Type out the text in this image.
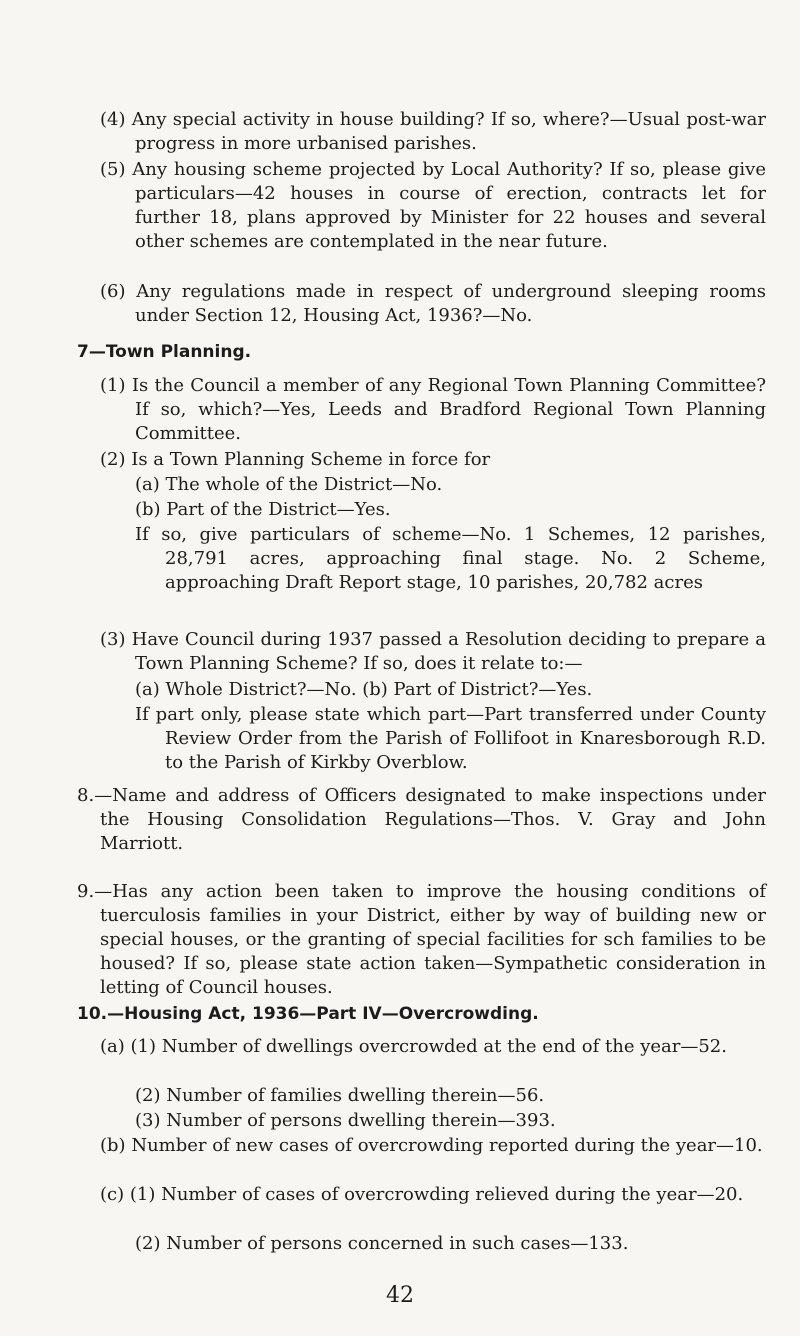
(4) Any special activity in house building? If so, where?—Usual post-war progress in more urbanised parishes.

(5) Any housing scheme projected by Local Authority? If so, please give particulars—42 houses in course of erection, contracts let for further 18, plans approved by Minister for 22 houses and several other schemes are contemplated in the near future.

(6) Any regulations made in respect of underground sleeping rooms under Section 12, Housing Act, 1936?—No.

7—Town Planning.

(1) Is the Council a member of any Regional Town Planning Committee? If so, which?—Yes, Leeds and Bradford Regional Town Planning Committee.

(2) Is a Town Planning Scheme in force for

(a) The whole of the District—No.
(b) Part of the District—Yes.

If so, give particulars of scheme—No. 1 Schemes, 12 parishes, 28,791 acres, approaching final stage. No. 2 Scheme, approaching Draft Report stage, 10 parishes, 20,782 acres

(3) Have Council during 1937 passed a Resolution deciding to prepare a Town Planning Scheme? If so, does it relate to:—

(a) Whole District?—No. (b) Part of District?—Yes.

If part only, please state which part—Part transferred under County Review Order from the Parish of Follifoot in Knaresborough R.D. to the Parish of Kirkby Overblow.

8.—Name and address of Officers designated to make inspections under the Housing Consolidation Regulations—Thos. V. Gray and John Marriott.

9.—Has any action been taken to improve the housing conditions of tuerculosis families in your District, either by way of building new or special houses, or the granting of special facilities for sch families to be housed? If so, please state action taken—Sympathetic consideration in letting of Council houses.

10.—Housing Act, 1936—Part IV—Overcrowding.

(a) (1) Number of dwellings overcrowded at the end of the year—52.

(2) Number of families dwelling therein—56.
(3) Number of persons dwelling therein—393.

(b) Number of new cases of overcrowding reported during the year—10.

(c) (1) Number of cases of overcrowding relieved during the year—20.

(2) Number of persons concerned in such cases—133.
42
